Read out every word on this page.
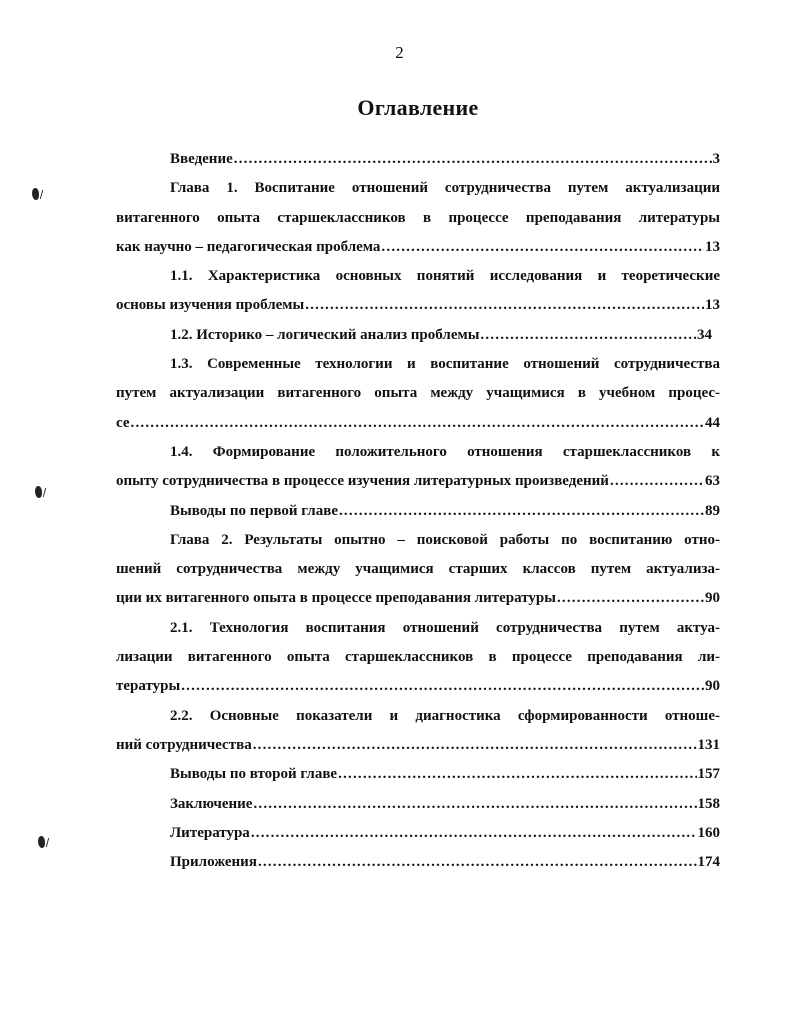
2
Оглавление
Введение .....	3
Глава 1. Воспитание отношений сотрудничества путем актуализации
витагенного опыта старшеклассников в процессе преподавания литературы
как научно – педагогическая проблема .....	13
1.1. Характеристика основных понятий исследования и теоретические
основы изучения проблемы .....	13
1.2. Историко – логический анализ проблемы .....	34
1.3. Современные технологии и воспитание отношений сотрудничества
путем актуализации витагенного опыта между учащимися в учебном процес-
се .....	44
1.4. Формирование положительного отношения старшеклассников к
опыту сотрудничества в процессе изучения литературных произведений .....	63
Выводы по первой главе .....	89
Глава 2. Результаты опытно – поисковой работы по воспитанию отно-
шений сотрудничества между учащимися старших классов путем актуализа-
ции их витагенного опыта в процессе преподавания литературы .....	90
2.1. Технология воспитания отношений сотрудничества путем актуа-
лизации витагенного опыта старшеклассников в процессе преподавания ли-
тературы .....	90
2.2. Основные показатели и диагностика сформированности отноше-
ний сотрудничества .....	131
Выводы по второй главе .....	157
Заключение .....	158
Литература .....	160
Приложения .....	174
